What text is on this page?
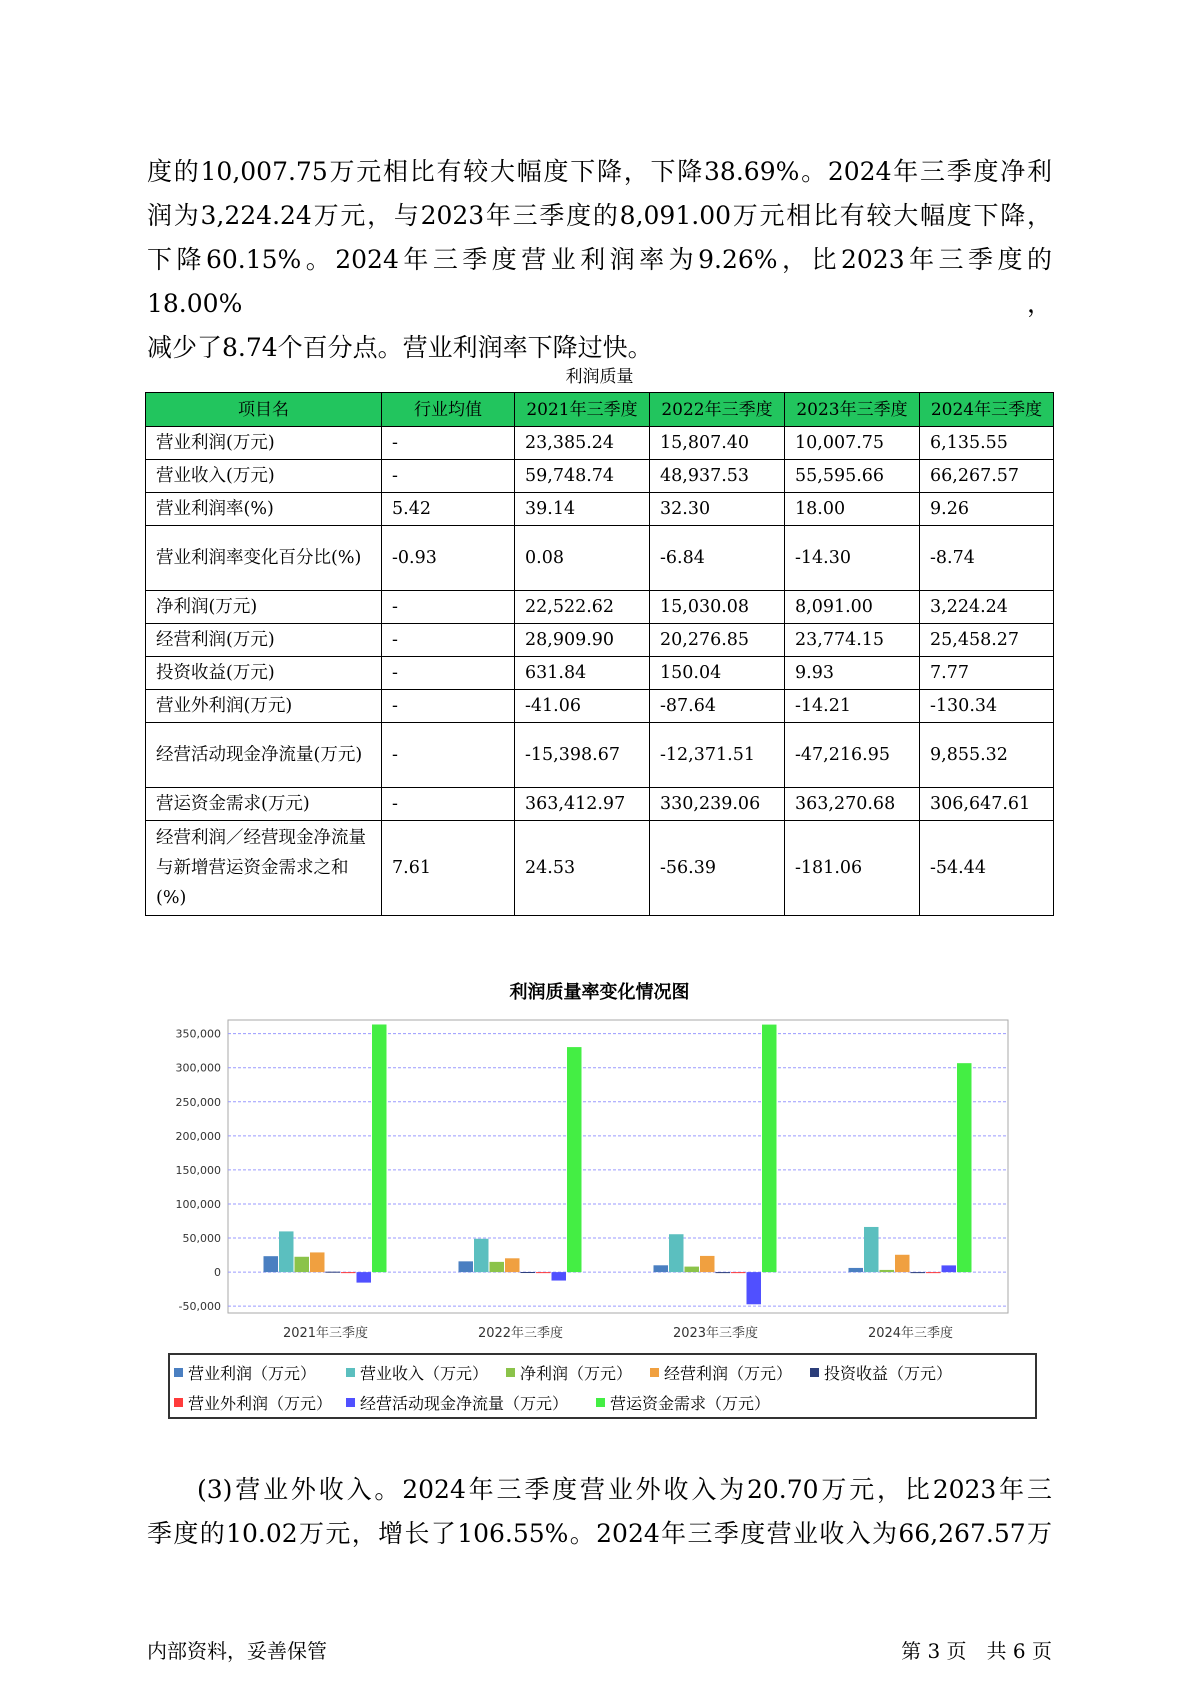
度的10,007.75万元相比有较大幅度下降，下降38.69%。2024年三季度净利
润为3,224.24万元，与2023年三季度的8,091.00万元相比有较大幅度下降，
下降60.15%。2024年三季度营业利润率为9.26%，比2023年三季度的18.00%，
减少了8.74个百分点。营业利润率下降过快。
利润质量
项目名	行业均值	2021年三季度	2022年三季度	2023年三季度	2024年三季度
营业利润(万元)	-	23,385.24	15,807.40	10,007.75	6,135.55
营业收入(万元)	-	59,748.74	48,937.53	55,595.66	66,267.57
营业利润率(%)	5.42	39.14	32.30	18.00	9.26
营业利润率变化百分比(%)	-0.93	0.08	-6.84	-14.30	-8.74
净利润(万元)	-	22,522.62	15,030.08	8,091.00	3,224.24
经营利润(万元)	-	28,909.90	20,276.85	23,774.15	25,458.27
投资收益(万元)	-	631.84	150.04	9.93	7.77
营业外利润(万元)	-	-41.06	-87.64	-14.21	-130.34
经营活动现金净流量(万元)	-	-15,398.67	-12,371.51	-47,216.95	9,855.32
营运资金需求(万元)	-	363,412.97	330,239.06	363,270.68	306,647.61
经营利润／经营现金净流量与新增营运资金需求之和(%)	7.61	24.53	-56.39	-181.06	-54.44
利润质量率变化情况图
-50,000
0
50,000
100,000
150,000
200,000
250,000
300,000
350,000
2021年三季度	2022年三季度	2023年三季度	2024年三季度
营业利润（万元）	营业收入（万元） 净利润（万元） 经营利润（万元） 投资收益（万元）
营业外利润（万元） 经营活动现金净流量（万元）	营运资金需求（万元）
(3)营业外收入。2024年三季度营业外收入为20.70万元，比2023年三
季度的10.02万元，增长了106.55%。2024年三季度营业收入为66,267.57万
内部资料，妥善保管	第 3 页　共 6 页
